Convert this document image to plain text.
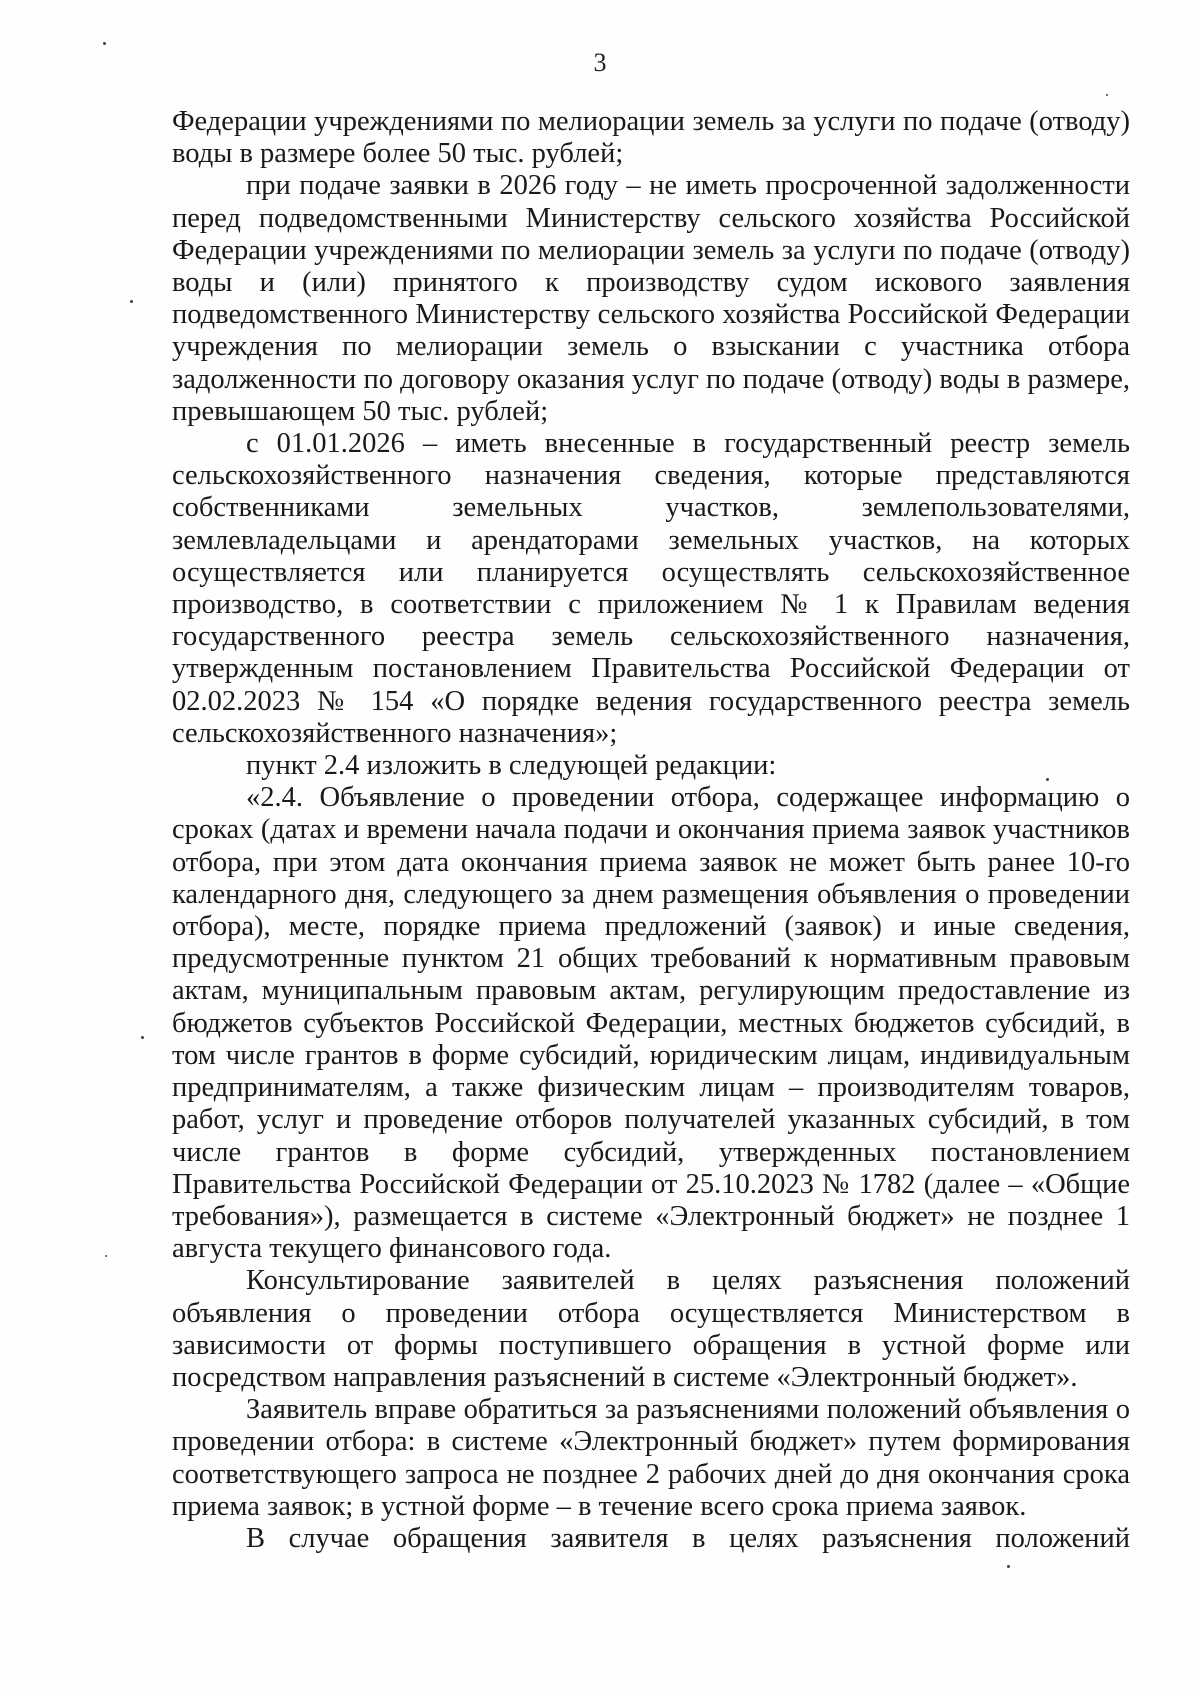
3

Федерации учреждениями по мелиорации земель за услуги по подаче (отводу) воды в размере более 50 тыс. рублей;

при подаче заявки в 2026 году – не иметь просроченной задолженности перед подведомственными Министерству сельского хозяйства Российской Федерации учреждениями по мелиорации земель за услуги по подаче (отводу) воды и (или) принятого к производству судом искового заявления подведомственного Министерству сельского хозяйства Российской Федерации учреждения по мелиорации земель о взыскании с участника отбора задолженности по договору оказания услуг по подаче (отводу) воды в размере, превышающем 50 тыс. рублей;

с 01.01.2026 – иметь внесенные в государственный реестр земель сельскохозяйственного назначения сведения, которые представляются собственниками земельных участков, землепользователями, землевладельцами и арендаторами земельных участков, на которых осуществляется или планируется осуществлять сельскохозяйственное производство, в соответствии с приложением № 1 к Правилам ведения государственного реестра земель сельскохозяйственного назначения, утвержденным постановлением Правительства Российской Федерации от 02.02.2023 № 154 «О порядке ведения государственного реестра земель сельскохозяйственного назначения»;

пункт 2.4 изложить в следующей редакции:

«2.4. Объявление о проведении отбора, содержащее информацию о сроках (датах и времени начала подачи и окончания приема заявок участников отбора, при этом дата окончания приема заявок не может быть ранее 10-го календарного дня, следующего за днем размещения объявления о проведении отбора), месте, порядке приема предложений (заявок) и иные сведения, предусмотренные пунктом 21 общих требований к нормативным правовым актам, муниципальным правовым актам, регулирующим предоставление из бюджетов субъектов Российской Федерации, местных бюджетов субсидий, в том числе грантов в форме субсидий, юридическим лицам, индивидуальным предпринимателям, а также физическим лицам – производителям товаров, работ, услуг и проведение отборов получателей указанных субсидий, в том числе грантов в форме субсидий, утвержденных постановлением Правительства Российской Федерации от 25.10.2023 № 1782 (далее – «Общие требования»), размещается в системе «Электронный бюджет» не позднее 1 августа текущего финансового года.

Консультирование заявителей в целях разъяснения положений объявления о проведении отбора осуществляется Министерством в зависимости от формы поступившего обращения в устной форме или посредством направления разъяснений в системе «Электронный бюджет».

Заявитель вправе обратиться за разъяснениями положений объявления о проведении отбора: в системе «Электронный бюджет» путем формирования соответствующего запроса не позднее 2 рабочих дней до дня окончания срока приема заявок; в устной форме – в течение всего срока приема заявок.

В случае обращения заявителя в целях разъяснения положений
